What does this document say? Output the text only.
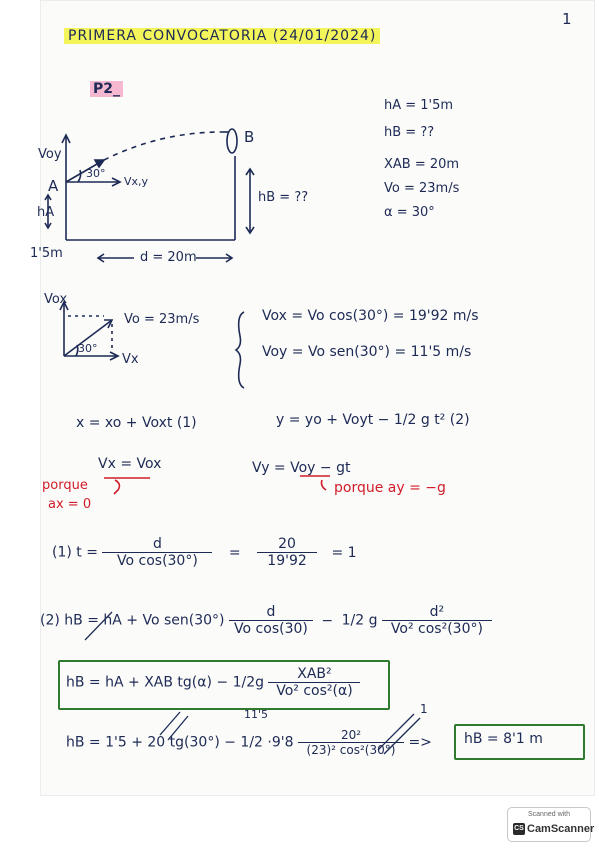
PRIMERA CONVOCATORIA (24/01/2024)
1
P2_
hA = 1'5m
hB = ??
XAB = 20m
Vo = 23m/s
α = 30°
Voy
A
B
30°
Vx,y
hA
hB = ??
1'5m	d = 20m
Vox
Vo = 23m/s
30°
Vx
Vox = Vo cos(30°) = 19'92 m/s
Voy = Vo sen(30°) = 11'5 m/s
x = xo + Voxt (1)	y = yo + Voyt − 1/2 g t² (2)
Vx = Vox
porque
ax = 0
Vy = Voy − gt
porque ay = −g
(1) $t = \frac{d}{\text{Vo cos(30°)}} = \frac{20}{19'92} = 1$
(2) hB = hA + Vo $sen(30^\circ) \frac{d}{\text{Vo cos(30)}} - 1/2$ g $\frac{\text{d²}}{\text{Vo² cos²(30°)}}$
hB = hA + XAB $tg(\alpha) - 1/2g \frac{\text{XAB²}}{\text{Vo² cos²(α)}}$
11'5	1
hB = 1'5 + 20 $tg(30^\circ) - 1/2 \cdot 9'8 \frac{\text{20²}}{\text{(23)² cos²(30°)}}$ => hB = 8'1 m
Scanned with
CS CamScanner
